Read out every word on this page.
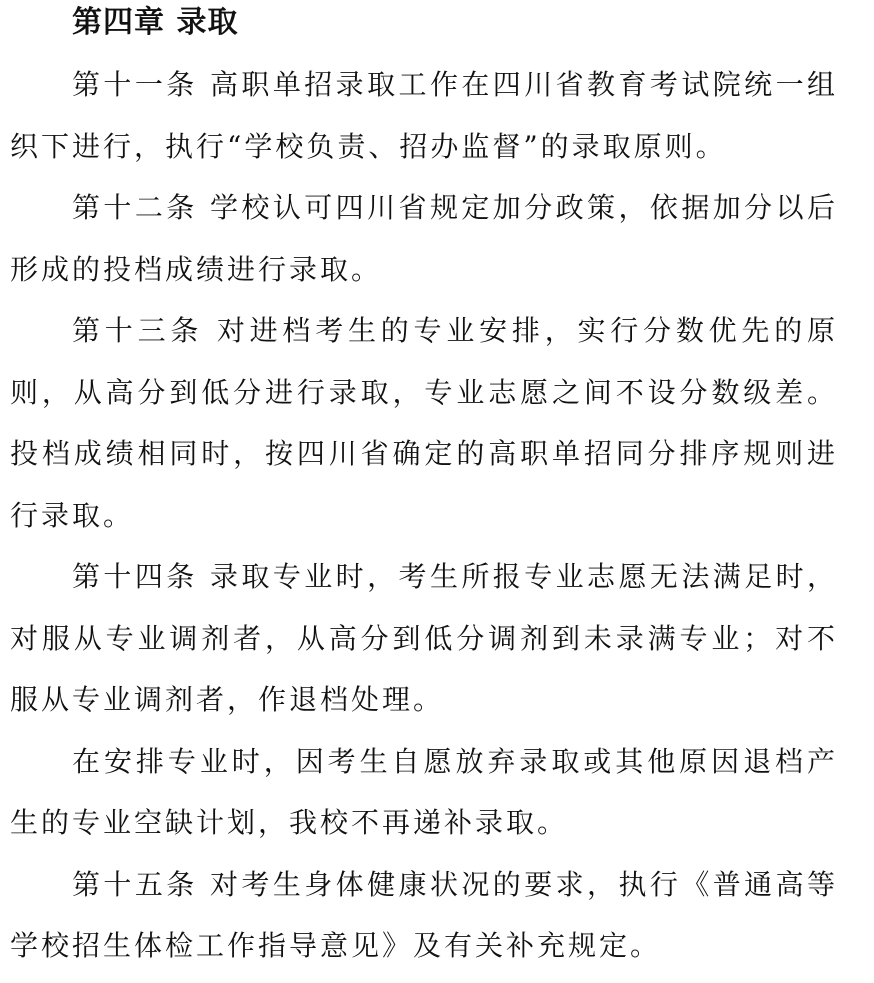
第四章 录取

第十一条 高职单招录取工作在四川省教育考试院统一组织下进行，执行“学校负责、招办监督”的录取原则。

第十二条 学校认可四川省规定加分政策，依据加分以后形成的投档成绩进行录取。

第十三条 对进档考生的专业安排，实行分数优先的原则，从高分到低分进行录取，专业志愿之间不设分数级差。投档成绩相同时，按四川省确定的高职单招同分排序规则进行录取。

第十四条 录取专业时，考生所报专业志愿无法满足时，对服从专业调剂者，从高分到低分调剂到未录满专业；对不服从专业调剂者，作退档处理。

在安排专业时，因考生自愿放弃录取或其他原因退档产生的专业空缺计划，我校不再递补录取。

第十五条 对考生身体健康状况的要求，执行《普通高等学校招生体检工作指导意见》及有关补充规定。
